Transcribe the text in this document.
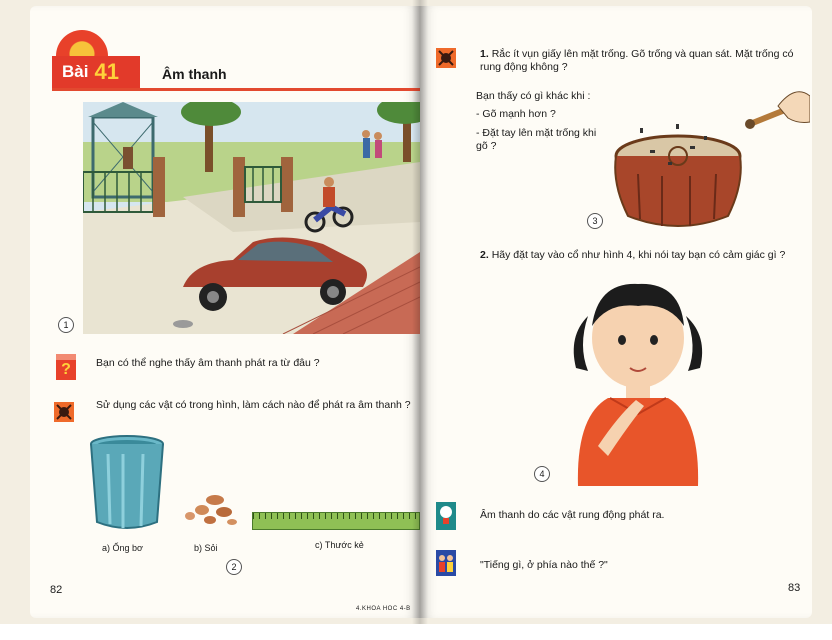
Bài 41	Âm thanh
1
? Bạn có thể nghe thấy âm thanh phát ra từ đâu ?
Sử dụng các vật có trong hình, làm cách nào để phát ra âm thanh ?
a) Ống bơ	b) Sỏi	c) Thước kẻ
2
82
4.KHOA HOC 4-B
1. Rắc ít vụn giấy lên mặt trống. Gõ trống và quan sát. Mặt trống có rung động không ?
Bạn thấy có gì khác khi :
- Gõ mạnh hơn ?
- Đặt tay lên mặt trống khi gõ ?
3
2. Hãy đặt tay vào cổ như hình 4, khi nói tay bạn có cảm giác gì ?
4
Âm thanh do các vật rung động phát ra.
"Tiếng gì, ở phía nào thế ?"
83
